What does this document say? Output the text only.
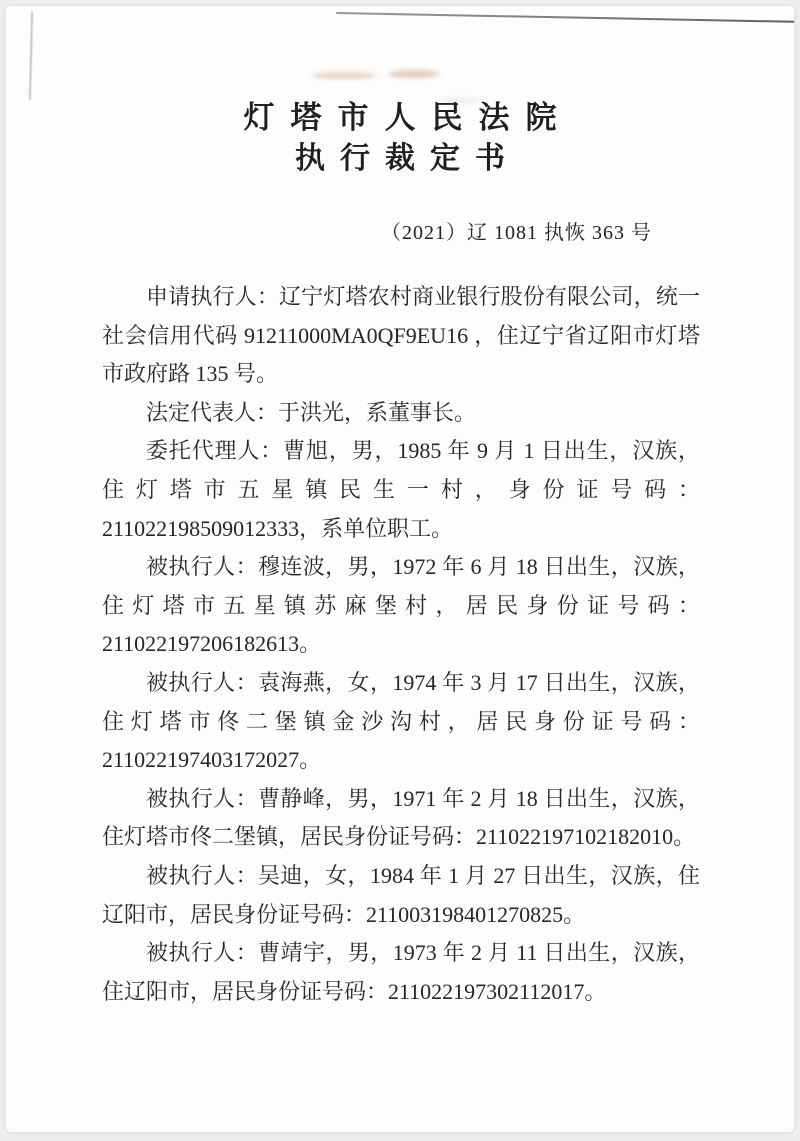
灯塔市人民法院
执行裁定书
（2021）辽 1081 执恢 363 号

申请执行人：辽宁灯塔农村商业银行股份有限公司，统一社会信用代码 91211000MA0QF9EU16 ，住辽宁省辽阳市灯塔市政府路 135 号。

法定代表人：于洪光，系董事长。

委托代理人：曹旭，男，1985 年 9 月 1 日出生，汉族，住灯塔市五星镇民生一村，身份证号码：211022198509012333，系单位职工。

被执行人：穆连波，男，1972 年 6 月 18 日出生，汉族，住灯塔市五星镇苏麻堡村，居民身份证号码：211022197206182613。

被执行人：袁海燕，女，1974 年 3 月 17 日出生，汉族，住灯塔市佟二堡镇金沙沟村，居民身份证号码：211022197403172027。

被执行人：曹静峰，男，1971 年 2 月 18 日出生，汉族，住灯塔市佟二堡镇，居民身份证号码：211022197102182010。

被执行人：吴迪，女，1984 年 1 月 27 日出生，汉族，住辽阳市，居民身份证号码：211003198401270825。

被执行人：曹靖宇，男，1973 年 2 月 11 日出生，汉族，住辽阳市，居民身份证号码：211022197302112017。
